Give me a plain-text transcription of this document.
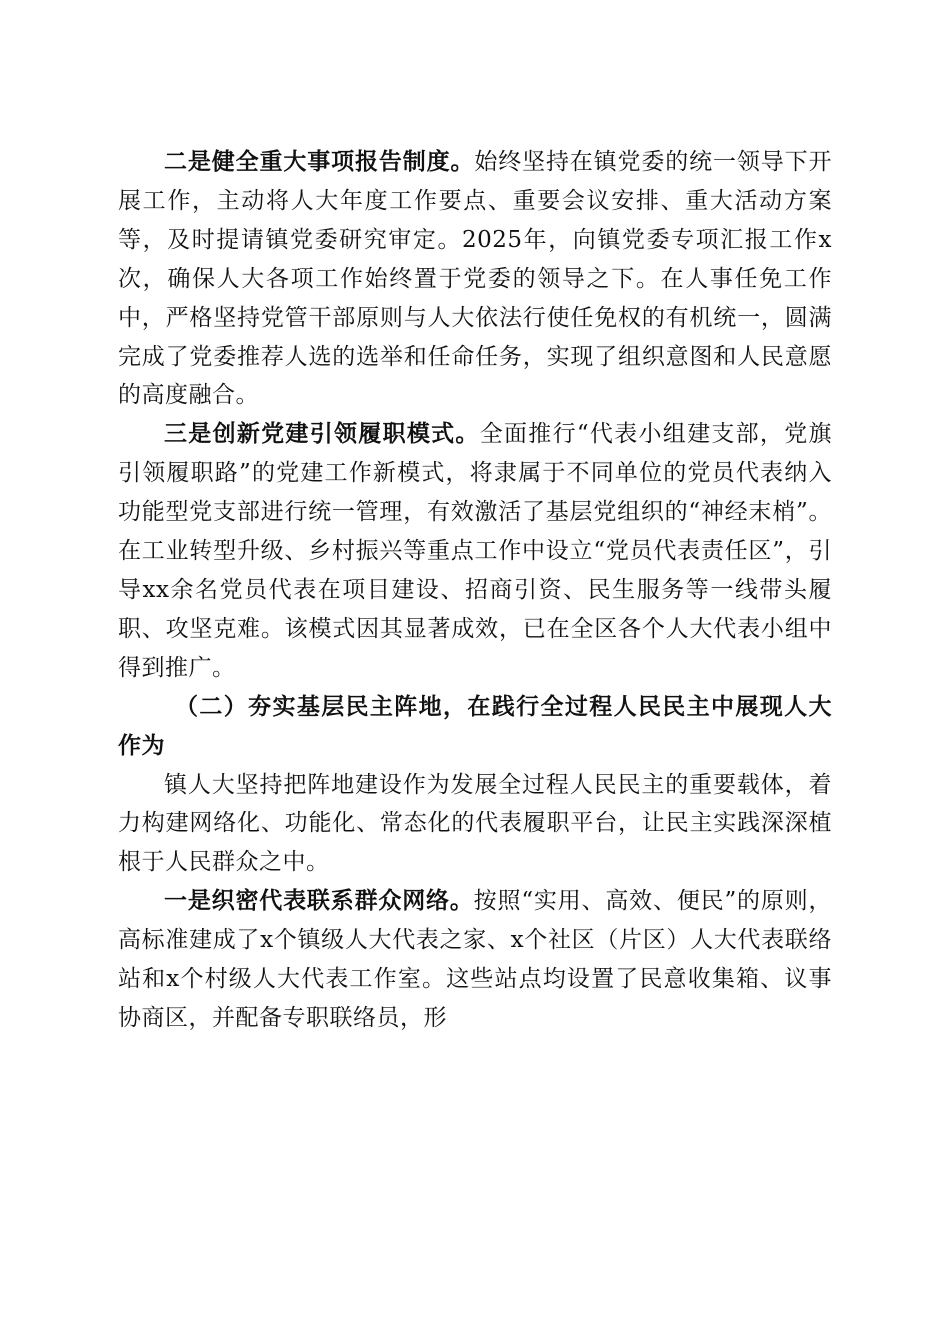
二是健全重大事项报告制度。始终坚持在镇党委的统一领导下开展工作，主动将人大年度工作要点、重要会议安排、重大活动方案等，及时提请镇党委研究审定。2025年，向镇党委专项汇报工作x次，确保人大各项工作始终置于党委的领导之下。在人事任免工作中，严格坚持党管干部原则与人大依法行使任免权的有机统一，圆满完成了党委推荐人选的选举和任命任务，实现了组织意图和人民意愿的高度融合。

三是创新党建引领履职模式。全面推行“代表小组建支部，党旗引领履职路”的党建工作新模式，将隶属于不同单位的党员代表纳入功能型党支部进行统一管理，有效激活了基层党组织的“神经末梢”。在工业转型升级、乡村振兴等重点工作中设立“党员代表责任区”，引导xx余名党员代表在项目建设、招商引资、民生服务等一线带头履职、攻坚克难。该模式因其显著成效，已在全区各个人大代表小组中得到推广。

（二）夯实基层民主阵地，在践行全过程人民民主中展现人大作为

镇人大坚持把阵地建设作为发展全过程人民民主的重要载体，着力构建网络化、功能化、常态化的代表履职平台，让民主实践深深植根于人民群众之中。

一是织密代表联系群众网络。按照“实用、高效、便民”的原则，高标准建成了x个镇级人大代表之家、x个社区（片区）人大代表联络站和x个村级人大代表工作室。这些站点均设置了民意收集箱、议事协商区，并配备专职联络员，形
